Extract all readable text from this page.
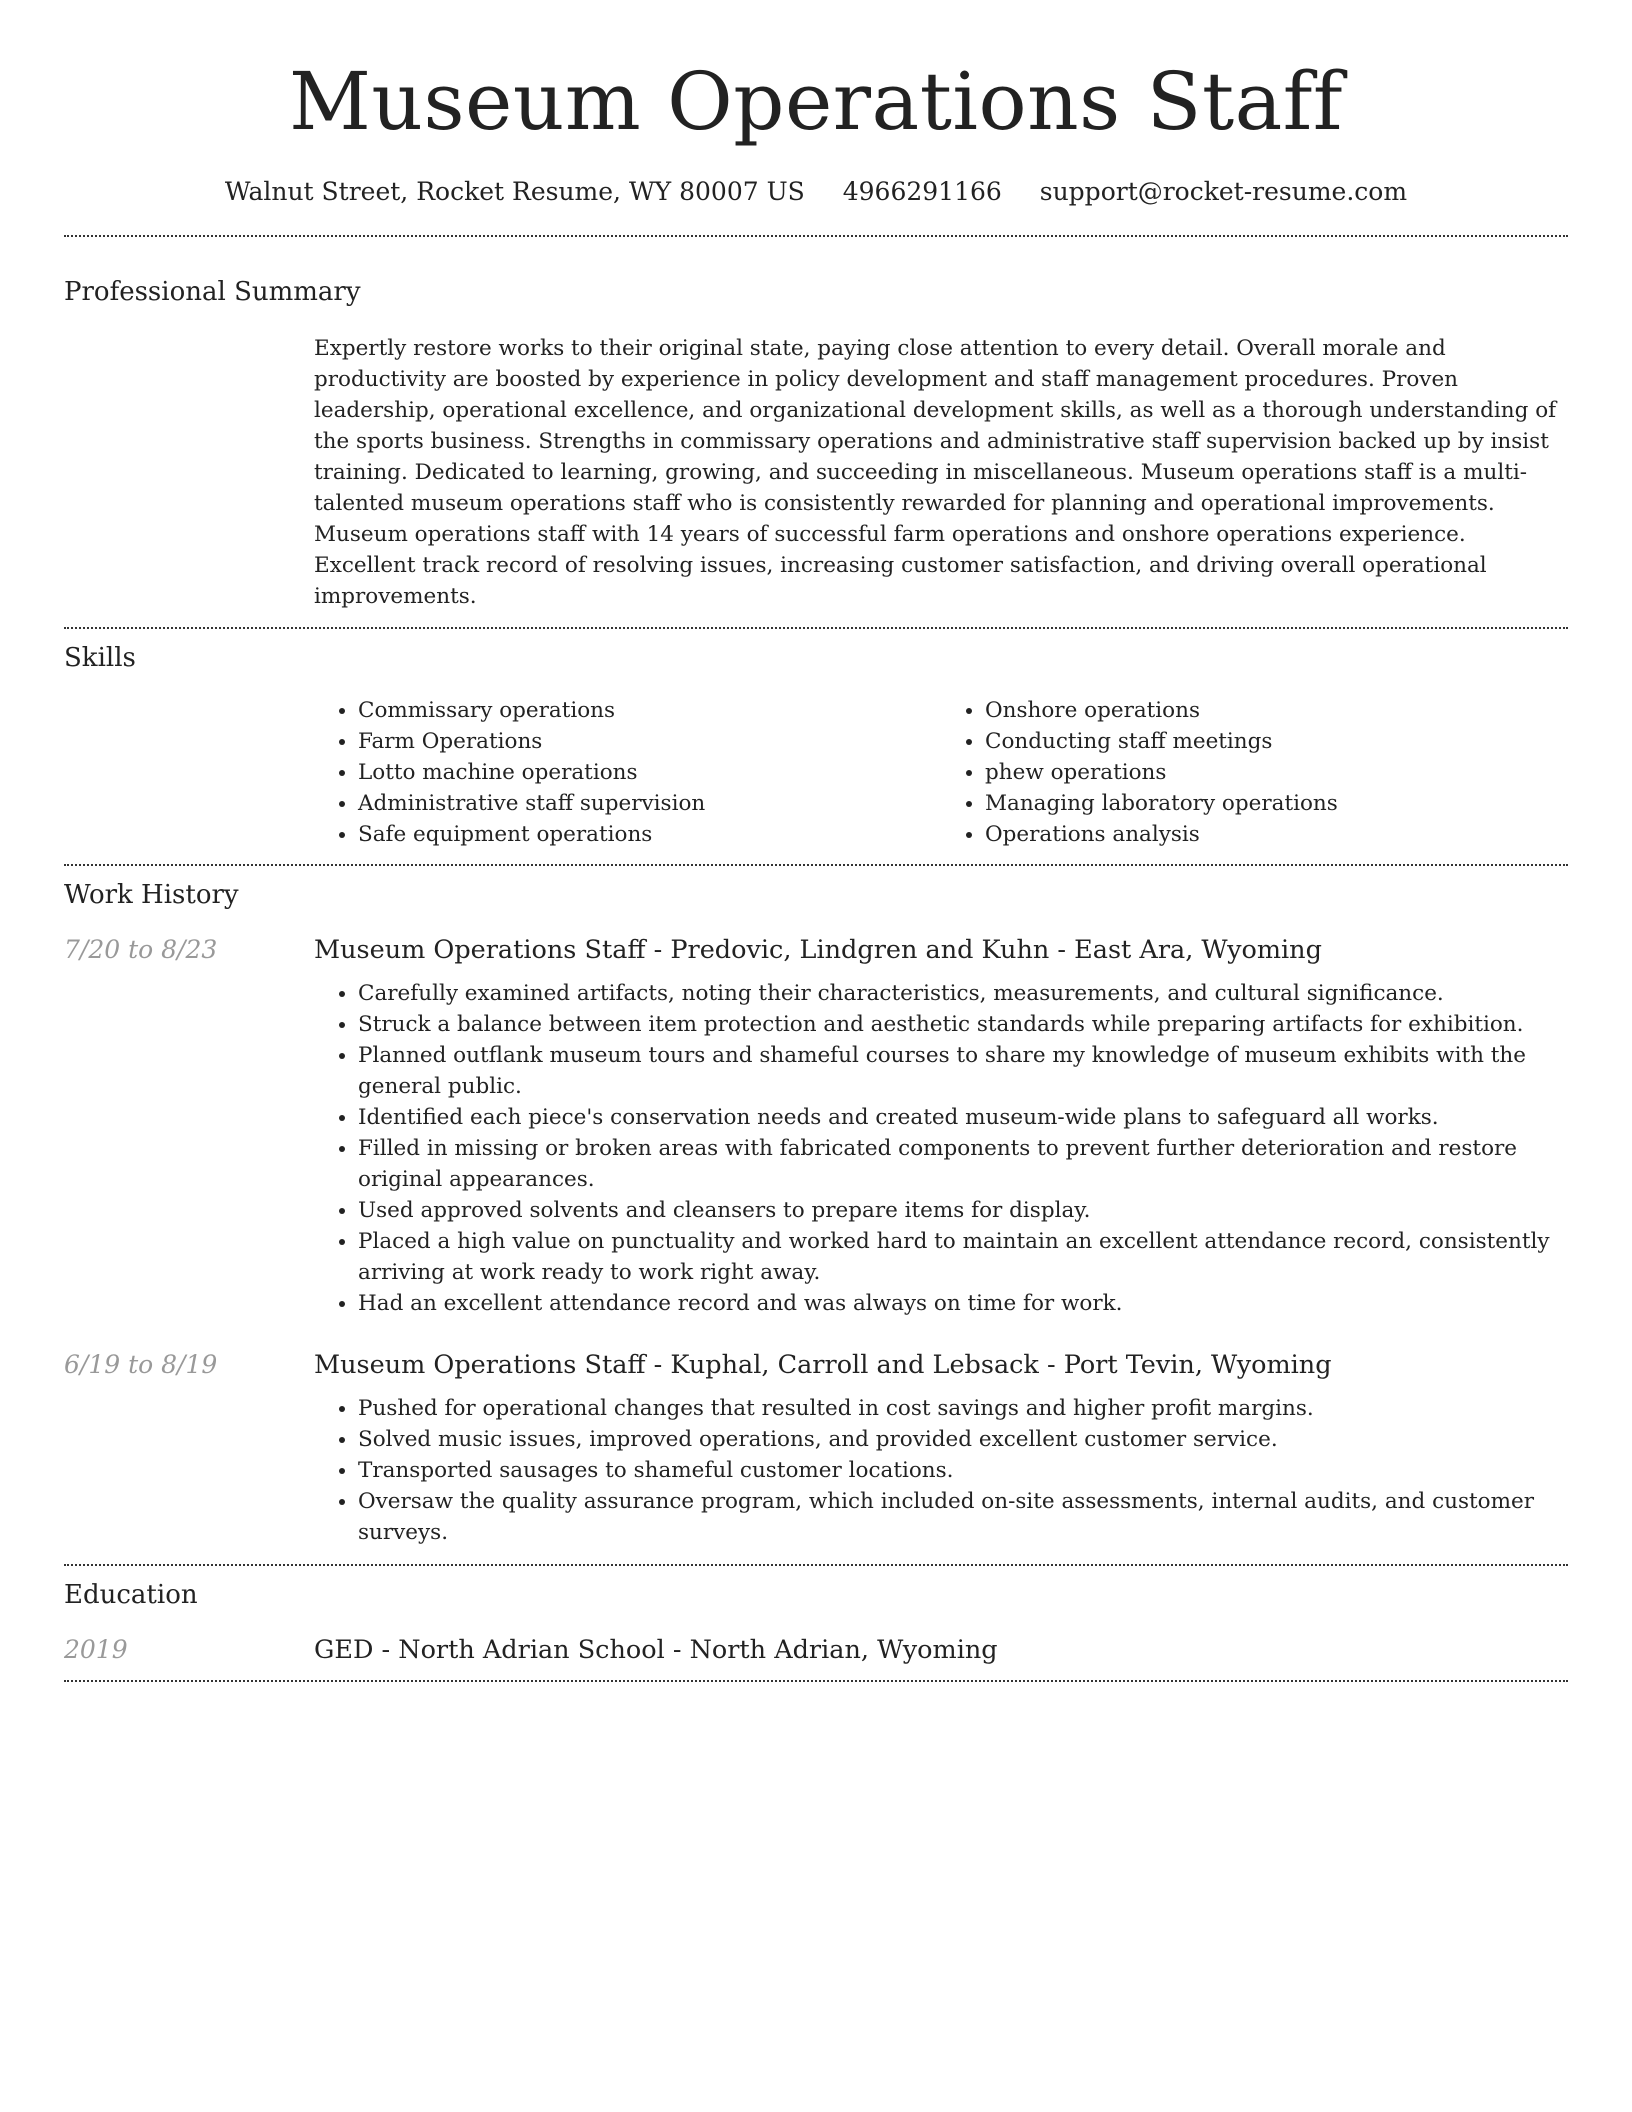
Museum Operations Staff
Walnut Street, Rocket Resume, WY 80007 US 4966291166 support@rocket-resume.com
Professional Summary

Expertly restore works to their original state, paying close attention to every detail. Overall morale and productivity are boosted by experience in policy development and staff management procedures. Proven leadership, operational excellence, and organizational development skills, as well as a thorough understanding of the sports business. Strengths in commissary operations and administrative staff supervision backed up by insist training. Dedicated to learning, growing, and succeeding in miscellaneous. Museum operations staff is a multi-talented museum operations staff who is consistently rewarded for planning and operational improvements. Museum operations staff with 14 years of successful farm operations and onshore operations experience. Excellent track record of resolving issues, increasing customer satisfaction, and driving overall operational improvements.

Skills
• Commissary operations
• Farm Operations
• Lotto machine operations
• Administrative staff supervision
• Safe equipment operations
• Onshore operations
• Conducting staff meetings
• phew operations
• Managing laboratory operations
• Operations analysis
Work History
7/20 to 8/23	Museum Operations Staff - Predovic, Lindgren and Kuhn - East Ara, Wyoming
• Carefully examined artifacts, noting their characteristics, measurements, and cultural significance.
• Struck a balance between item protection and aesthetic standards while preparing artifacts for exhibition.
• Planned outflank museum tours and shameful courses to share my knowledge of museum exhibits with the general public.
• Identified each piece's conservation needs and created museum-wide plans to safeguard all works.
• Filled in missing or broken areas with fabricated components to prevent further deterioration and restore original appearances.
• Used approved solvents and cleansers to prepare items for display.
• Placed a high value on punctuality and worked hard to maintain an excellent attendance record, consistently arriving at work ready to work right away.
• Had an excellent attendance record and was always on time for work.
6/19 to 8/19	Museum Operations Staff - Kuphal, Carroll and Lebsack - Port Tevin, Wyoming
• Pushed for operational changes that resulted in cost savings and higher profit margins.
• Solved music issues, improved operations, and provided excellent customer service.
• Transported sausages to shameful customer locations.
• Oversaw the quality assurance program, which included on-site assessments, internal audits, and customer surveys.
Education
2019	GED - North Adrian School - North Adrian, Wyoming
